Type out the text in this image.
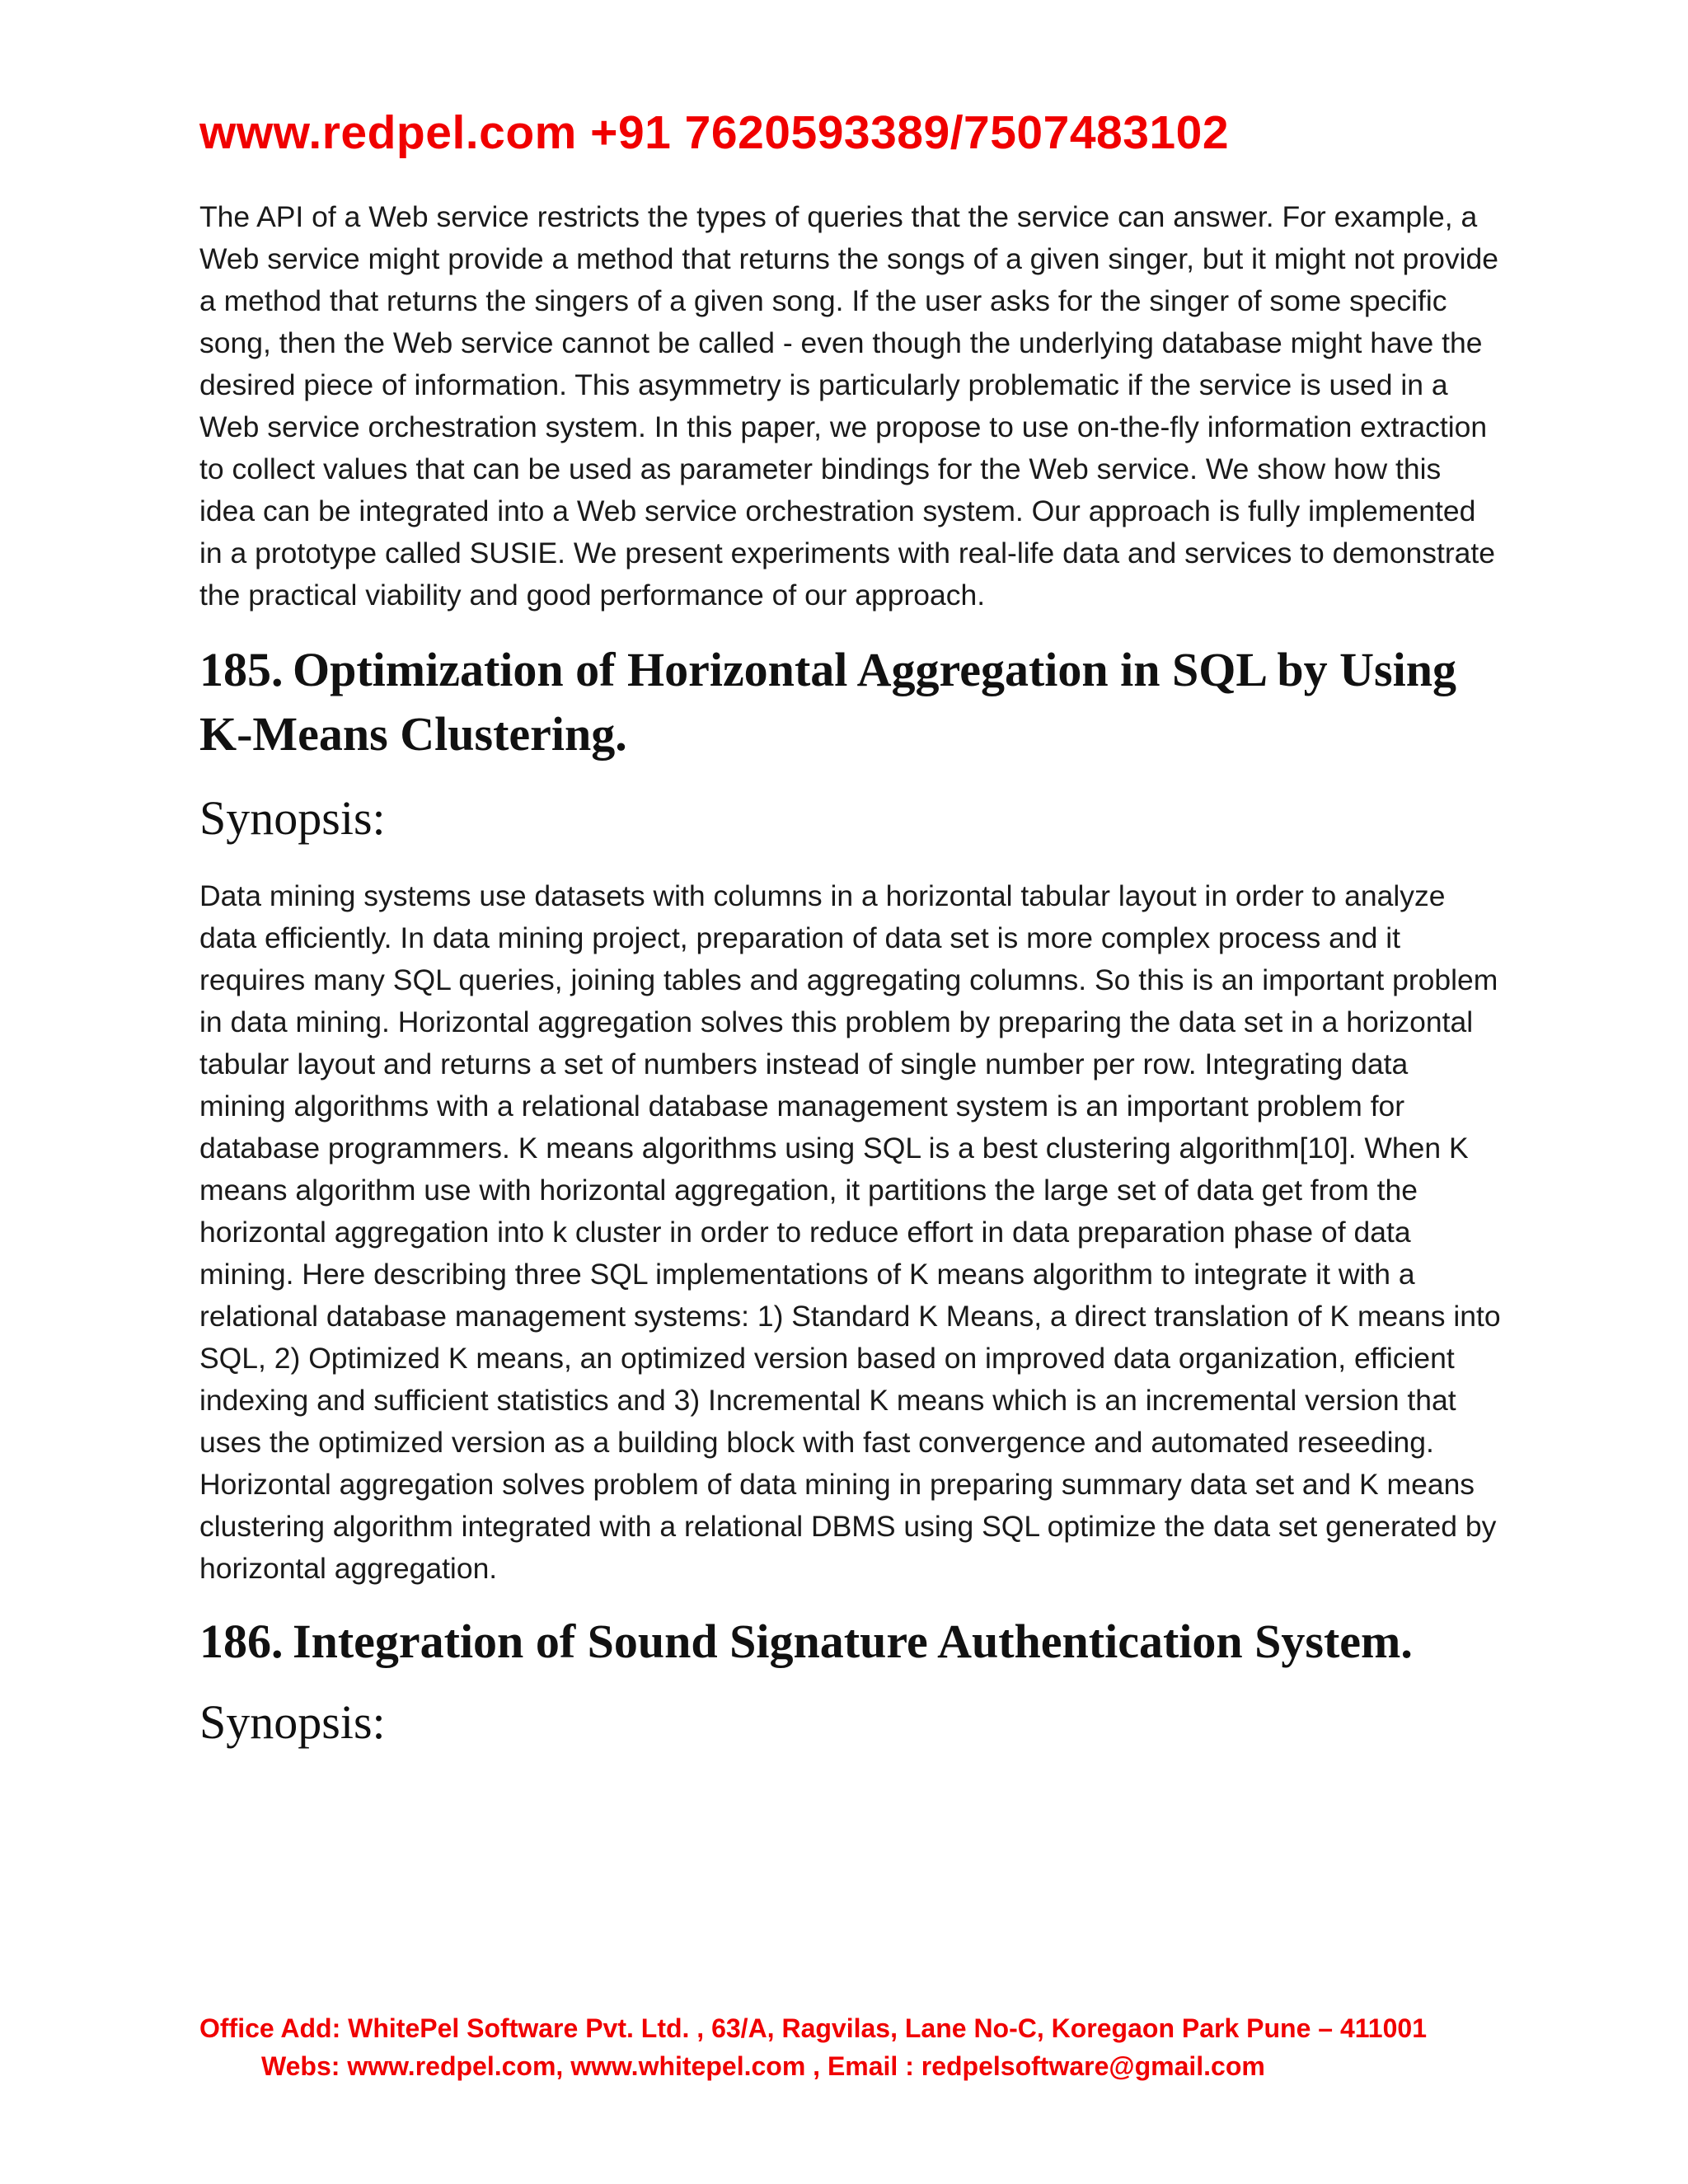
www.redpel.com +91 7620593389/7507483102

The API of a Web service restricts the types of queries that the service can answer. For example, a Web service might provide a method that returns the songs of a given singer, but it might not provide a method that returns the singers of a given song. If the user asks for the singer of some specific song, then the Web service cannot be called - even though the underlying database might have the desired piece of information. This asymmetry is particularly problematic if the service is used in a Web service orchestration system. In this paper, we propose to use on-the-fly information extraction to collect values that can be used as parameter bindings for the Web service. We show how this idea can be integrated into a Web service orchestration system. Our approach is fully implemented in a prototype called SUSIE. We present experiments with real-life data and services to demonstrate the practical viability and good performance of our approach.

185. Optimization of Horizontal Aggregation in SQL by Using K-Means Clustering.
Synopsis:

Data mining systems use datasets with columns in a horizontal tabular layout in order to analyze data efficiently. In data mining project, preparation of data set is more complex process and it requires many SQL queries, joining tables and aggregating columns. So this is an important problem in data mining. Horizontal aggregation solves this problem by preparing the data set in a horizontal tabular layout and returns a set of numbers instead of single number per row. Integrating data mining algorithms with a relational database management system is an important problem for database programmers. K means algorithms using SQL is a best clustering algorithm[10]. When K means algorithm use with horizontal aggregation, it partitions the large set of data get from the horizontal aggregation into k cluster in order to reduce effort in data preparation phase of data mining. Here describing three SQL implementations of K means algorithm to integrate it with a relational database management systems: 1) Standard K Means, a direct translation of K means into SQL, 2) Optimized K means, an optimized version based on improved data organization, efficient indexing and sufficient statistics and 3) Incremental K means which is an incremental version that uses the optimized version as a building block with fast convergence and automated reseeding. Horizontal aggregation solves problem of data mining in preparing summary data set and K means clustering algorithm integrated with a relational DBMS using SQL optimize the data set generated by horizontal aggregation.

186. Integration of Sound Signature Authentication System.
Synopsis:
Office Add: WhitePel Software Pvt. Ltd. , 63/A, Ragvilas, Lane No-C, Koregaon Park Pune – 411001
Webs: www.redpel.com, www.whitepel.com , Email : redpelsoftware@gmail.com
